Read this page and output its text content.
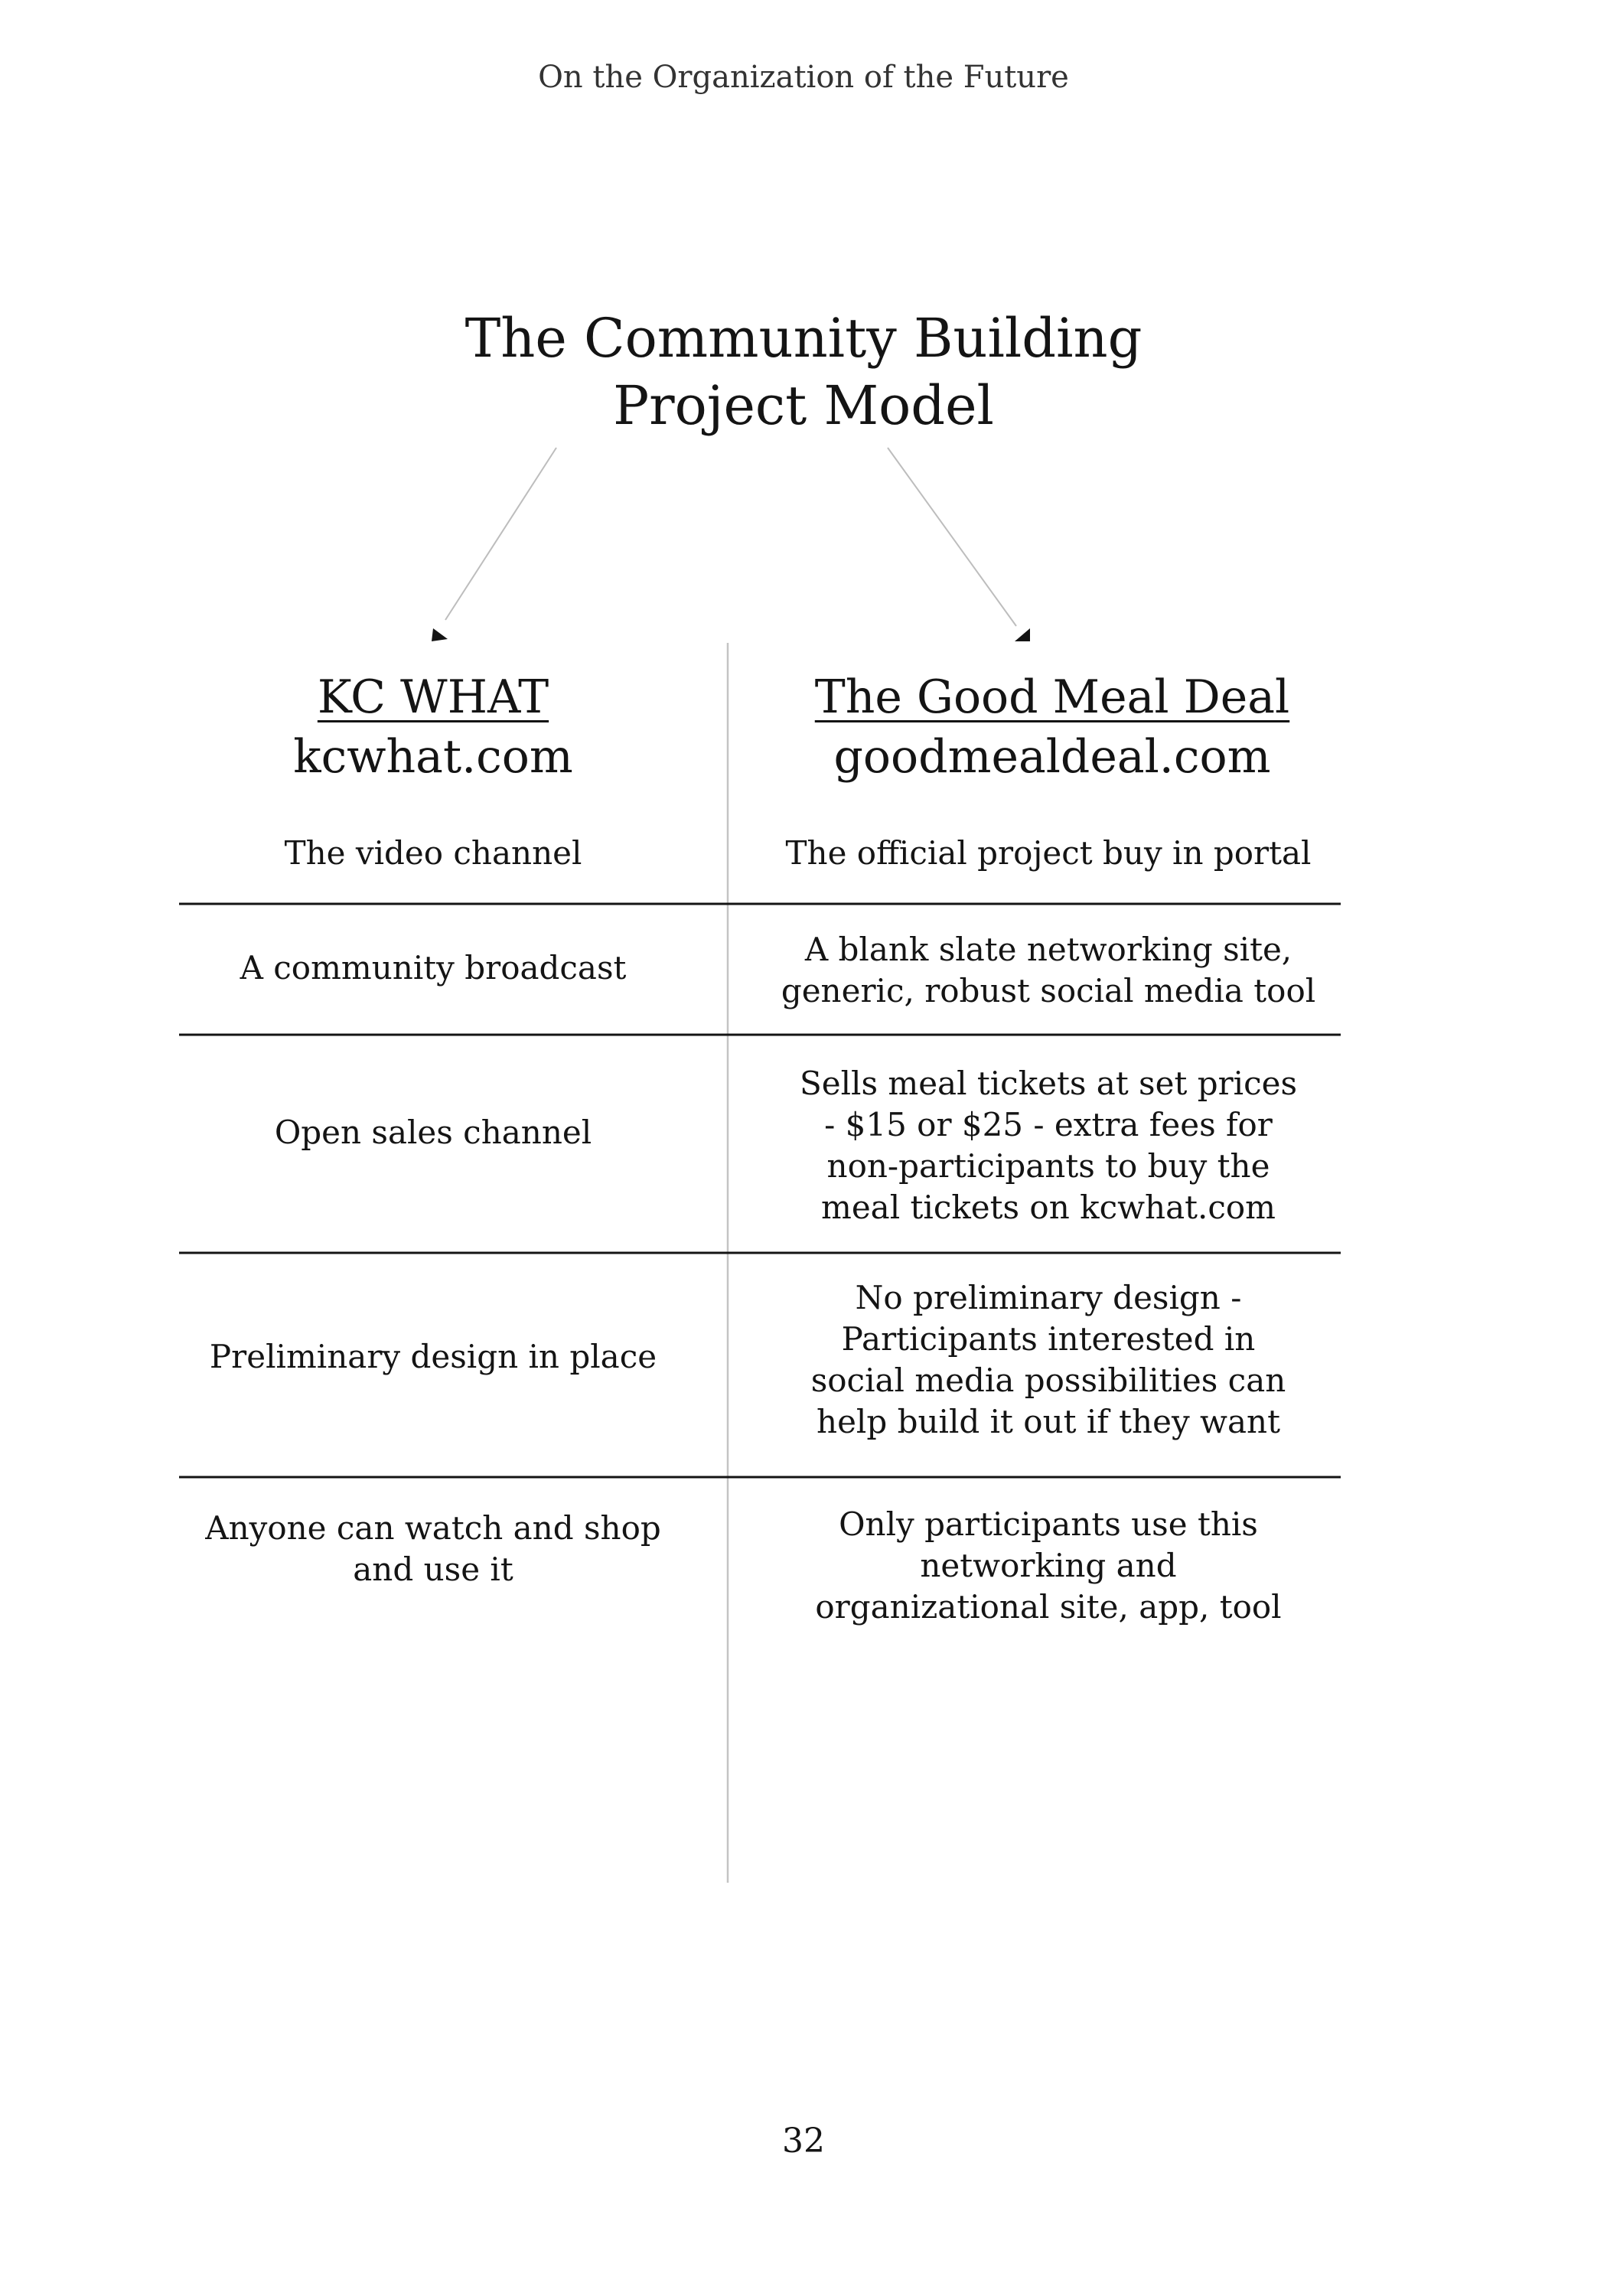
On the Organization of the Future
The Community Building
Project Model
KC WHAT
kcwhat.com
The Good Meal Deal
goodmealdeal.com
The video channel
A community broadcast
Open sales channel
Preliminary design in place
Anyone can watch and shop
and use it
The official project buy in portal
A blank slate networking site,
generic, robust social media tool
Sells meal tickets at set prices
- $15 or $25 - extra fees for
non-participants to buy the
meal tickets on kcwhat.com
No preliminary design -
Participants interested in
social media possibilities can
help build it out if they want
Only participants use this
networking and
organizational site, app, tool
32
